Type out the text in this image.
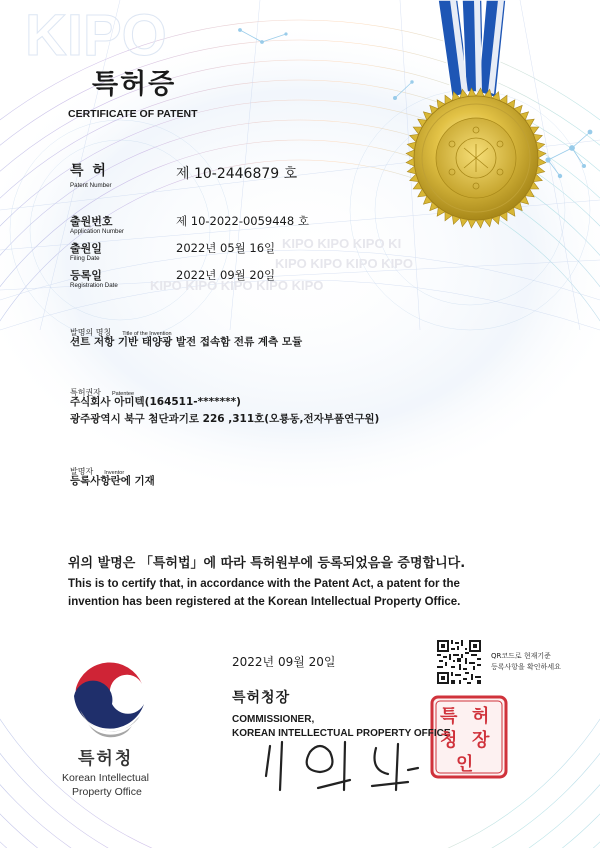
KIPO
KIPO KIPO KIPO KI
KIPO KIPO KIPO KIPO
KIPO KIPO KIPO KIPO KIPO
특허증
CERTIFICATE OF PATENT
특 허
Patent Number
제 10-2446879 호
출원번호
Application Number
제 10-2022-0059448 호
출원일
Filing Date
2022년 05월 16일
등록일
Registration Date
2022년 09월 20일
발명의 명칭 Title of the Invention
션트 저항 기반 태양광 발전 접속함 전류 계측 모듈
특허권자 Patentee
주식회사 아미텍(164511-*******)
광주광역시 북구 첨단과기로 226 ,311호(오룡동,전자부품연구원)
발명자 Inventor
등록사항란에 기재
위의 발명은 「특허법」에 따라 특허원부에 등록되었음을 증명합니다.
This is to certify that, in accordance with the Patent Act, a patent for the
invention has been registered at the Korean Intellectual Property Office.
2022년 09월 20일	QR코드로 현재기준
등록사항을 확인하세요
특허청장
COMMISSIONER,
KOREAN INTELLECTUAL PROPERTY OFFICE
특 허
청 장
인
특허청
Korean Intellectual
Property Office
